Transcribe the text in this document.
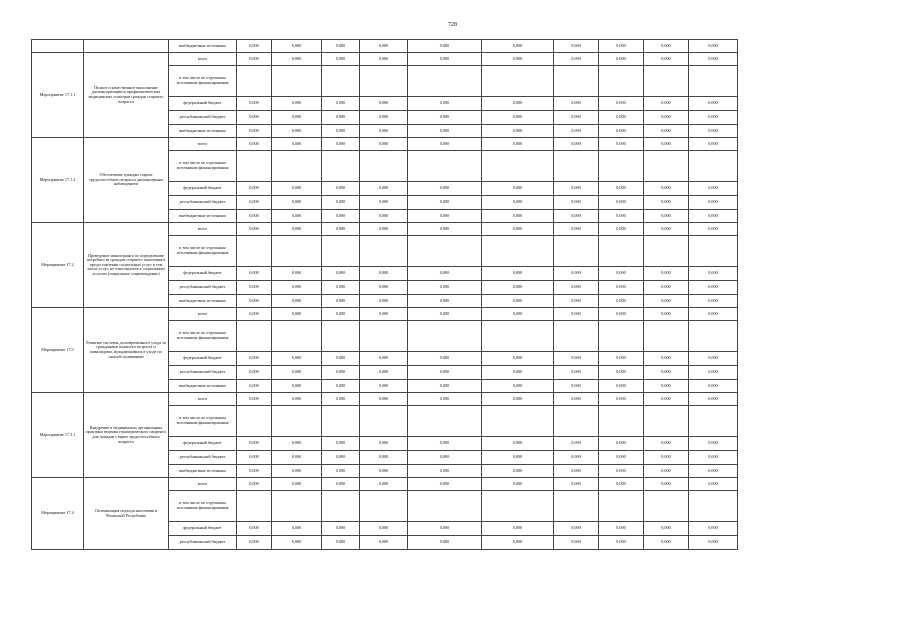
728
		внебюджетные источники	0,000	0,000	0,000	0,000	0,000	0,000	0,000	0,000	0,000	0,000
Мероприятие 17.1.1	Полное и качественное выполнение диспансеризации и профилактических медицинских осмотров граждан старшего возраста	всего	0,000	0,000	0,000	0,000	0,000	0,000	0,000	0,000	0,000	0,000
		в том числе по отдельным источникам финансирования										
		федеральный бюджет	0,000	0,000	0,000	0,000	0,000	0,000	0,000	0,000	0,000	0,000
		республиканский бюджет	0,000	0,000	0,000	0,000	0,000	0,000	0,000	0,000	0,000	0,000
		внебюджетные источники	0,000	0,000	0,000	0,000	0,000	0,000	0,000	0,000	0,000	0,000
Мероприятие 17.1.2	Обеспечение граждан старше трудоспособного возраста диспансерным наблюдением	всего	0,000	0,000	0,000	0,000	0,000	0,000	0,000	0,000	0,000	0,000
		в том числе по отдельным источникам финансирования										
		федеральный бюджет	0,000	0,000	0,000	0,000	0,000	0,000	0,000	0,000	0,000	0,000
		республиканский бюджет	0,000	0,000	0,000	0,000	0,000	0,000	0,000	0,000	0,000	0,000
		внебюджетные источники	0,000	0,000	0,000	0,000	0,000	0,000	0,000	0,000	0,000	0,000
Мероприятие 17.2	Проведение мониторинга по определению потребности граждан старшего поколения в предоставлении социальных услуг в том числе услуг, не относящихся к социальным услугам (социальное сопровождение)	всего	0,000	0,000	0,000	0,000	0,000	0,000	0,000	0,000	0,000	0,000
		в том числе по отдельным источникам финансирования										
		федеральный бюджет	0,000	0,000	0,000	0,000	0,000	0,000	0,000	0,000	0,000	0,000
		республиканский бюджет	0,000	0,000	0,000	0,000	0,000	0,000	0,000	0,000	0,000	0,000
		внебюджетные источники	0,000	0,000	0,000	0,000	0,000	0,000	0,000	0,000	0,000	0,000
Мероприятие 17.3	Развитие системы долговременного ухода за гражданами пожилого возраста и инвалидами, нуждающимися в уходе по самообслуживанию	всего	0,000	0,000	0,000	0,000	0,000	0,000	0,000	0,000	0,000	0,000
		в том числе по отдельным источникам финансирования										
		федеральный бюджет	0,000	0,000	0,000	0,000	0,000	0,000	0,000	0,000	0,000	0,000
		республиканский бюджет	0,000	0,000	0,000	0,000	0,000	0,000	0,000	0,000	0,000	0,000
		внебюджетные источники	0,000	0,000	0,000	0,000	0,000	0,000	0,000	0,000	0,000	0,000
Мероприятие 17.3.1	Внедрение в медицинских организациях практики ведения гериатрического пациента для граждан старше трудоспособного возраста	всего	0,000	0,000	0,000	0,000	0,000	0,000	0,000	0,000	0,000	0,000
		в том числе по отдельным источникам финансирования										
		федеральный бюджет	0,000	0,000	0,000	0,000	0,000	0,000	0,000	0,000	0,000	0,000
		республиканский бюджет	0,000	0,000	0,000	0,000	0,000	0,000	0,000	0,000	0,000	0,000
		внебюджетные источники	0,000	0,000	0,000	0,000	0,000	0,000	0,000	0,000	0,000	0,000
Мероприятие 17.4	Оптимизация подхода населения в Чеченской Республике	всего	0,000	0,000	0,000	0,000	0,000	0,000	0,000	0,000	0,000	0,000
		в том числе по отдельным источникам финансирования										
		федеральный бюджет	0,000	0,000	0,000	0,000	0,000	0,000	0,000	0,000	0,000	0,000
		республиканский бюджет	0,000	0,000	0,000	0,000	0,000	0,000	0,000	0,000	0,000	0,000
